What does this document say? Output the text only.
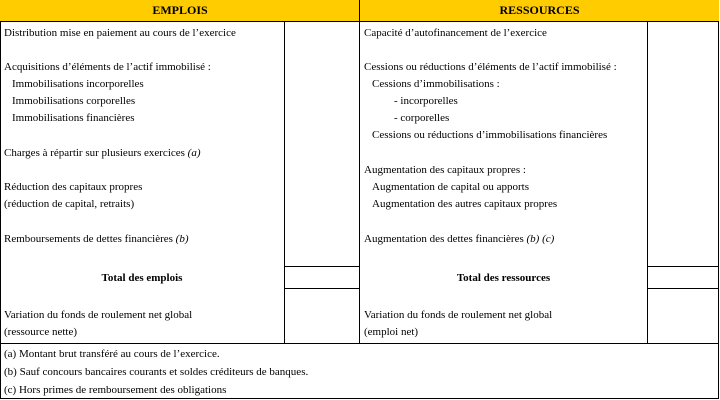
EMPLOIS	RESSOURCES
Distribution mise en paiement au cours de l’exercice
Acquisitions d’éléments de l’actif immobilisé :
Immobilisations incorporelles
Immobilisations corporelles
Immobilisations financières
Charges à répartir sur plusieurs exercices (a)
Réduction des capitaux propres
(réduction de capital, retraits)
Remboursements de dettes financières (b)
Total des emplois
Variation du fonds de roulement net global
(ressource nette)
Capacité d’autofinancement de l’exercice
Cessions ou réductions d’éléments de l’actif immobilisé :
Cessions d’immobilisations :
- incorporelles
- corporelles
Cessions ou réductions d’immobilisations financières
Augmentation des capitaux propres :
Augmentation de capital ou apports
Augmentation des autres capitaux propres
Augmentation des dettes financières (b) (c)
Total des ressources
Variation du fonds de roulement net global
(emploi net)
(a) Montant brut transféré au cours de l’exercice.
(b) Sauf concours bancaires courants et soldes créditeurs de banques.
(c) Hors primes de remboursement des obligations
